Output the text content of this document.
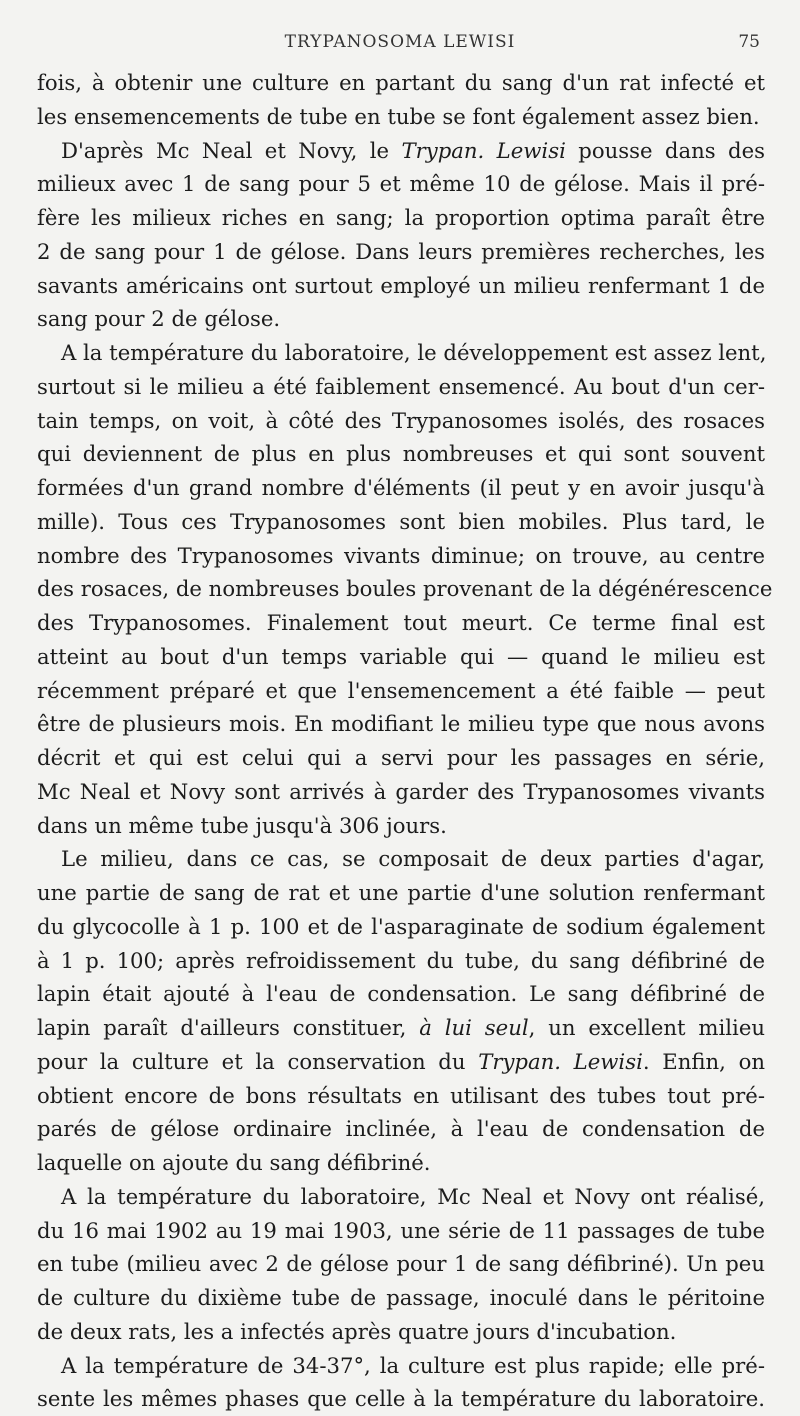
TRYPANOSOMA LEWISI	75
fois, à obtenir une culture en partant du sang d'un rat infecté et
les ensemencements de tube en tube se font également assez bien.
D'après Mc Neal et Novy, le Trypan. Lewisi pousse dans des
milieux avec 1 de sang pour 5 et même 10 de gélose. Mais il pré-
fère les milieux riches en sang; la proportion optima paraît être
2 de sang pour 1 de gélose. Dans leurs premières recherches, les
savants américains ont surtout employé un milieu renfermant 1 de
sang pour 2 de gélose.
A la température du laboratoire, le développement est assez lent,
surtout si le milieu a été faiblement ensemencé. Au bout d'un cer-
tain temps, on voit, à côté des Trypanosomes isolés, des rosaces
qui deviennent de plus en plus nombreuses et qui sont souvent
formées d'un grand nombre d'éléments (il peut y en avoir jusqu'à
mille). Tous ces Trypanosomes sont bien mobiles. Plus tard, le
nombre des Trypanosomes vivants diminue; on trouve, au centre
des rosaces, de nombreuses boules provenant de la dégénérescence
des Trypanosomes. Finalement tout meurt. Ce terme final est
atteint au bout d'un temps variable qui — quand le milieu est
récemment préparé et que l'ensemencement a été faible — peut
être de plusieurs mois. En modifiant le milieu type que nous avons
décrit et qui est celui qui a servi pour les passages en série,
Mc Neal et Novy sont arrivés à garder des Trypanosomes vivants
dans un même tube jusqu'à 306 jours.
Le milieu, dans ce cas, se composait de deux parties d'agar,
une partie de sang de rat et une partie d'une solution renfermant
du glycocolle à 1 p. 100 et de l'asparaginate de sodium également
à 1 p. 100; après refroidissement du tube, du sang défibriné de
lapin était ajouté à l'eau de condensation. Le sang défibriné de
lapin paraît d'ailleurs constituer, à lui seul, un excellent milieu
pour la culture et la conservation du Trypan. Lewisi. Enfin, on
obtient encore de bons résultats en utilisant des tubes tout pré-
parés de gélose ordinaire inclinée, à l'eau de condensation de
laquelle on ajoute du sang défibriné.
A la température du laboratoire, Mc Neal et Novy ont réalisé,
du 16 mai 1902 au 19 mai 1903, une série de 11 passages de tube
en tube (milieu avec 2 de gélose pour 1 de sang défibriné). Un peu
de culture du dixième tube de passage, inoculé dans le péritoine
de deux rats, les a infectés après quatre jours d'incubation.
A la température de 34-37°, la culture est plus rapide; elle pré-
sente les mêmes phases que celle à la température du laboratoire.
